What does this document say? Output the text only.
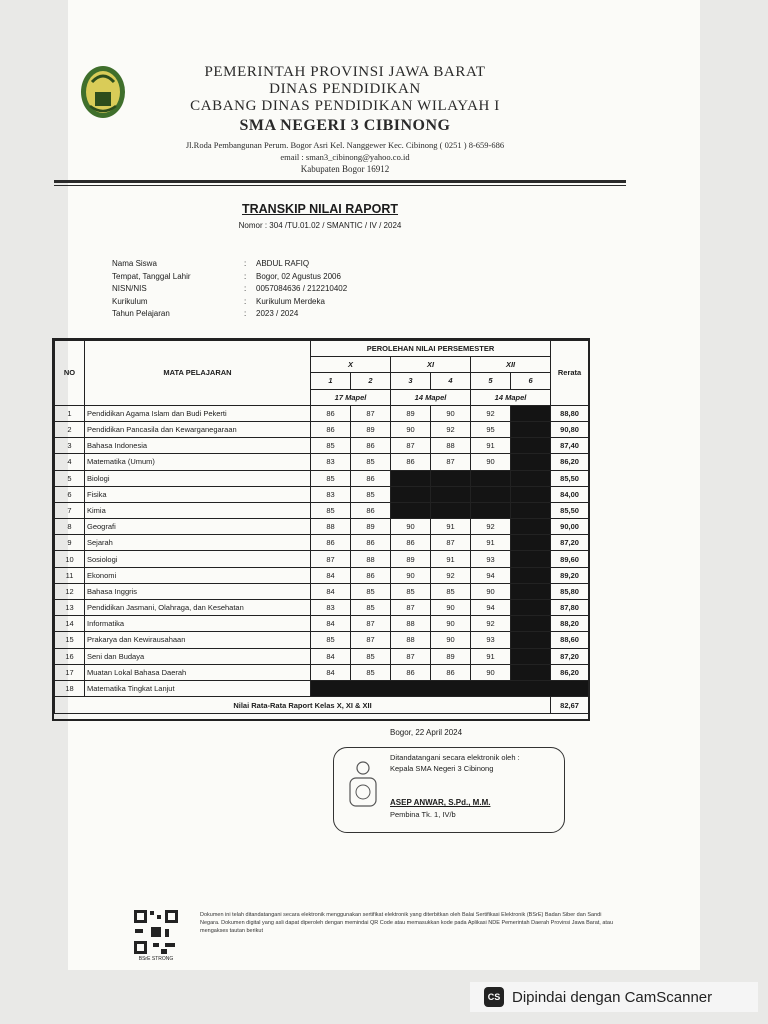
PEMERINTAH PROVINSI JAWA BARAT
DINAS PENDIDIKAN
CABANG DINAS PENDIDIKAN WILAYAH I
SMA NEGERI 3 CIBINONG
Jl.Roda Pembangunan Perum. Bogor Asri Kel. Nanggewer Kec. Cibinong ( 0251 ) 8-659-686
email : sman3_cibinong@yahoo.co.id
Kabupaten Bogor 16912
TRANSKIP NILAI RAPORT
Nomor : 304 /TU.01.02 / SMANTIC / IV / 2024
Nama Siswa	:	ABDUL RAFIQ
Tempat, Tanggal Lahir	:	Bogor, 02 Agustus 2006
NISN/NIS	:	0057084636 / 212210402
Kurikulum	:	Kurikulum Merdeka
Tahun Pelajaran	:	2023 / 2024
NO	MATA PELAJARAN	PEROLEHAN NILAI PERSEMESTER						Rerata
		X		XI		XII		
		1	2	3	4	5	6	
		17 Mapel		14 Mapel		14 Mapel		
1	Pendidikan Agama Islam dan Budi Pekerti	86	87	89	90	92		88,80
2	Pendidikan Pancasila dan Kewarganegaraan	86	89	90	92	95		90,80
3	Bahasa Indonesia	85	86	87	88	91		87,40
4	Matematika (Umum)	83	85	86	87	90		86,20
5	Biologi	85	86					85,50
6	Fisika	83	85					84,00
7	Kimia	85	86					85,50
8	Geografi	88	89	90	91	92		90,00
9	Sejarah	86	86	86	87	91		87,20
10	Sosiologi	87	88	89	91	93		89,60
11	Ekonomi	84	86	90	92	94		89,20
12	Bahasa Inggris	84	85	85	85	90		85,80
13	Pendidikan Jasmani, Olahraga, dan Kesehatan	83	85	87	90	94		87,80
14	Informatika	84	87	88	90	92		88,20
15	Prakarya dan Kewirausahaan	85	87	88	90	93		88,60
16	Seni dan Budaya	84	85	87	89	91		87,20
17	Muatan Lokal Bahasa Daerah	84	85	86	86	90		86,20
18	Matematika Tingkat Lanjut							
Nilai Rata-Rata Raport Kelas X, XI & XII								82,67
Bogor, 22 April 2024
Ditandatangani secara elektronik oleh :
Kepala SMA Negeri 3 Cibinong
ASEP ANWAR, S.Pd., M.M.
Pembina Tk. 1, IV/b
BSrE STRONG
Dokumen ini telah ditandatangani secara elektronik menggunakan sertifikat elektronik yang diterbitkan oleh Balai Sertifikasi Elektronik (BSrE) Badan Siber dan Sandi Negara. Dokumen digital yang asli dapat diperoleh dengan memindai QR Code atau memasukkan kode pada Aplikasi NDE Pemerintah Daerah Provinsi Jawa Barat, atau mengakses tautan berikut
CS Dipindai dengan CamScanner
